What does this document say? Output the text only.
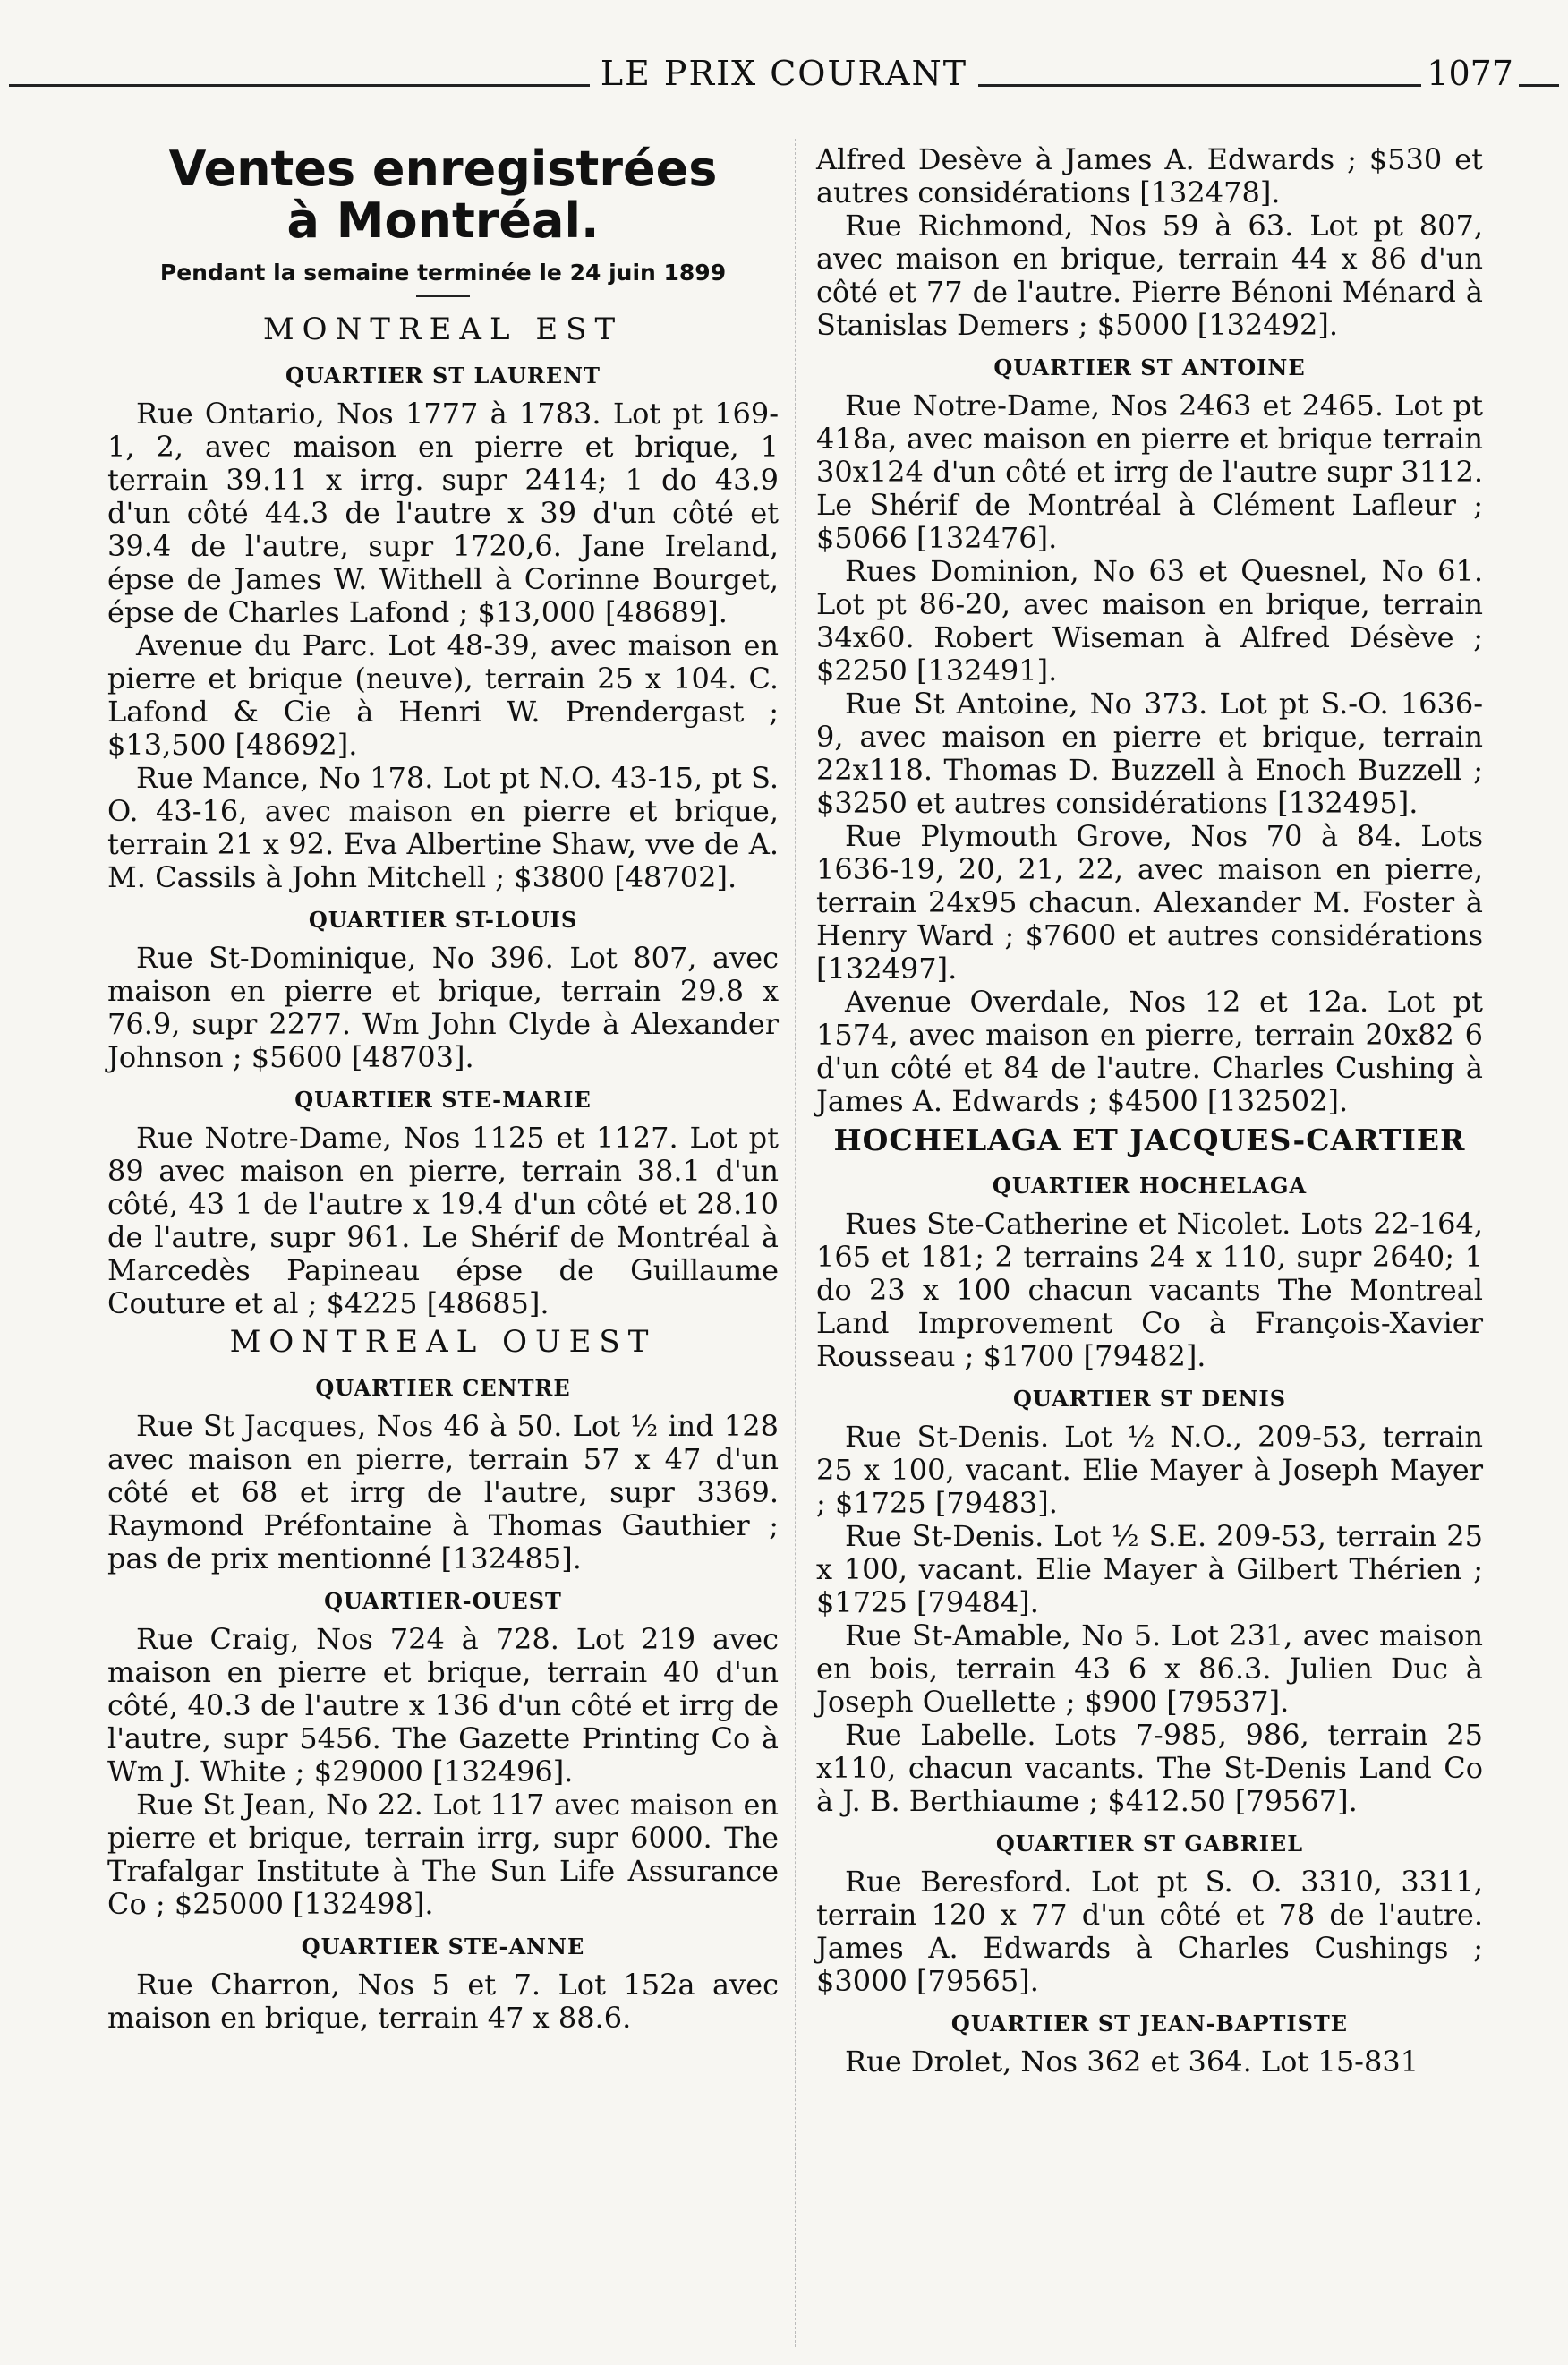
LE PRIX COURANT	1077
Ventes enregistrées
à Montréal.
Pendant la semaine terminée le 24 juin 1899
MONTREAL EST
QUARTIER ST LAURENT

Rue Ontario, Nos 1777 à 1783. Lot pt 169-1, 2, avec maison en pierre et brique, 1 terrain 39.11 x irrg. supr 2414; 1 do 43.9 d'un côté 44.3 de l'autre x 39 d'un côté et 39.4 de l'autre, supr 1720,6. Jane Ireland, épse de James W. Withell à Corinne Bourget, épse de Charles Lafond ; $13,000 [48689].

Avenue du Parc. Lot 48-39, avec maison en pierre et brique (neuve), terrain 25 x 104. C. Lafond & Cie à Henri W. Prendergast ; $13,500 [48692].

Rue Mance, No 178. Lot pt N.O. 43-15, pt S. O. 43-16, avec maison en pierre et brique, terrain 21 x 92. Eva Albertine Shaw, vve de A. M. Cassils à John Mitchell ; $3800 [48702].

QUARTIER ST-LOUIS

Rue St-Dominique, No 396. Lot 807, avec maison en pierre et brique, terrain 29.8 x 76.9, supr 2277. Wm John Clyde à Alexander Johnson ; $5600 [48703].

QUARTIER STE-MARIE

Rue Notre-Dame, Nos 1125 et 1127. Lot pt 89 avec maison en pierre, terrain 38.1 d'un côté, 43 1 de l'autre x 19.4 d'un côté et 28.10 de l'autre, supr 961. Le Shérif de Montréal à Marcedès Papineau épse de Guillaume Couture et al ; $4225 [48685].

MONTREAL OUEST
QUARTIER CENTRE

Rue St Jacques, Nos 46 à 50. Lot ½ ind 128 avec maison en pierre, terrain 57 x 47 d'un côté et 68 et irrg de l'autre, supr 3369. Raymond Préfontaine à Thomas Gauthier ; pas de prix mentionné [132485].

QUARTIER-OUEST

Rue Craig, Nos 724 à 728. Lot 219 avec maison en pierre et brique, terrain 40 d'un côté, 40.3 de l'autre x 136 d'un côté et irrg de l'autre, supr 5456. The Gazette Printing Co à Wm J. White ; $29000 [132496].

Rue St Jean, No 22. Lot 117 avec maison en pierre et brique, terrain irrg, supr 6000. The Trafalgar Institute à The Sun Life Assurance Co ; $25000 [132498].

QUARTIER STE-ANNE

Rue Charron, Nos 5 et 7. Lot 152a avec maison en brique, terrain 47 x 88.6.

Alfred Desève à James A. Edwards ; $530 et autres considérations [132478].

Rue Richmond, Nos 59 à 63. Lot pt 807, avec maison en brique, terrain 44 x 86 d'un côté et 77 de l'autre. Pierre Bénoni Ménard à Stanislas Demers ; $5000 [132492].

QUARTIER ST ANTOINE

Rue Notre-Dame, Nos 2463 et 2465. Lot pt 418a, avec maison en pierre et brique terrain 30x124 d'un côté et irrg de l'autre supr 3112. Le Shérif de Montréal à Clément Lafleur ; $5066 [132476].

Rues Dominion, No 63 et Quesnel, No 61. Lot pt 86-20, avec maison en brique, terrain 34x60. Robert Wiseman à Alfred Désève ; $2250 [132491].

Rue St Antoine, No 373. Lot pt S.-O. 1636-9, avec maison en pierre et brique, terrain 22x118. Thomas D. Buzzell à Enoch Buzzell ; $3250 et autres considérations [132495].

Rue Plymouth Grove, Nos 70 à 84. Lots 1636-19, 20, 21, 22, avec maison en pierre, terrain 24x95 chacun. Alexander M. Foster à Henry Ward ; $7600 et autres considérations [132497].

Avenue Overdale, Nos 12 et 12a. Lot pt 1574, avec maison en pierre, terrain 20x82 6 d'un côté et 84 de l'autre. Charles Cushing à James A. Edwards ; $4500 [132502].

HOCHELAGA ET JACQUES-CARTIER
QUARTIER HOCHELAGA

Rues Ste-Catherine et Nicolet. Lots 22-164, 165 et 181; 2 terrains 24 x 110, supr 2640; 1 do 23 x 100 chacun vacants The Montreal Land Improvement Co à François-Xavier Rousseau ; $1700 [79482].

QUARTIER ST DENIS

Rue St-Denis. Lot ½ N.O., 209-53, terrain 25 x 100, vacant. Elie Mayer à Joseph Mayer ; $1725 [79483].

Rue St-Denis. Lot ½ S.E. 209-53, terrain 25 x 100, vacant. Elie Mayer à Gilbert Thérien ; $1725 [79484].

Rue St-Amable, No 5. Lot 231, avec maison en bois, terrain 43 6 x 86.3. Julien Duc à Joseph Ouellette ; $900 [79537].

Rue Labelle. Lots 7-985, 986, terrain 25 x110, chacun vacants. The St-Denis Land Co à J. B. Berthiaume ; $412.50 [79567].

QUARTIER ST GABRIEL

Rue Beresford. Lot pt S. O. 3310, 3311, terrain 120 x 77 d'un côté et 78 de l'autre. James A. Edwards à Charles Cushings ; $3000 [79565].

QUARTIER ST JEAN-BAPTISTE

Rue Drolet, Nos 362 et 364. Lot 15-831
